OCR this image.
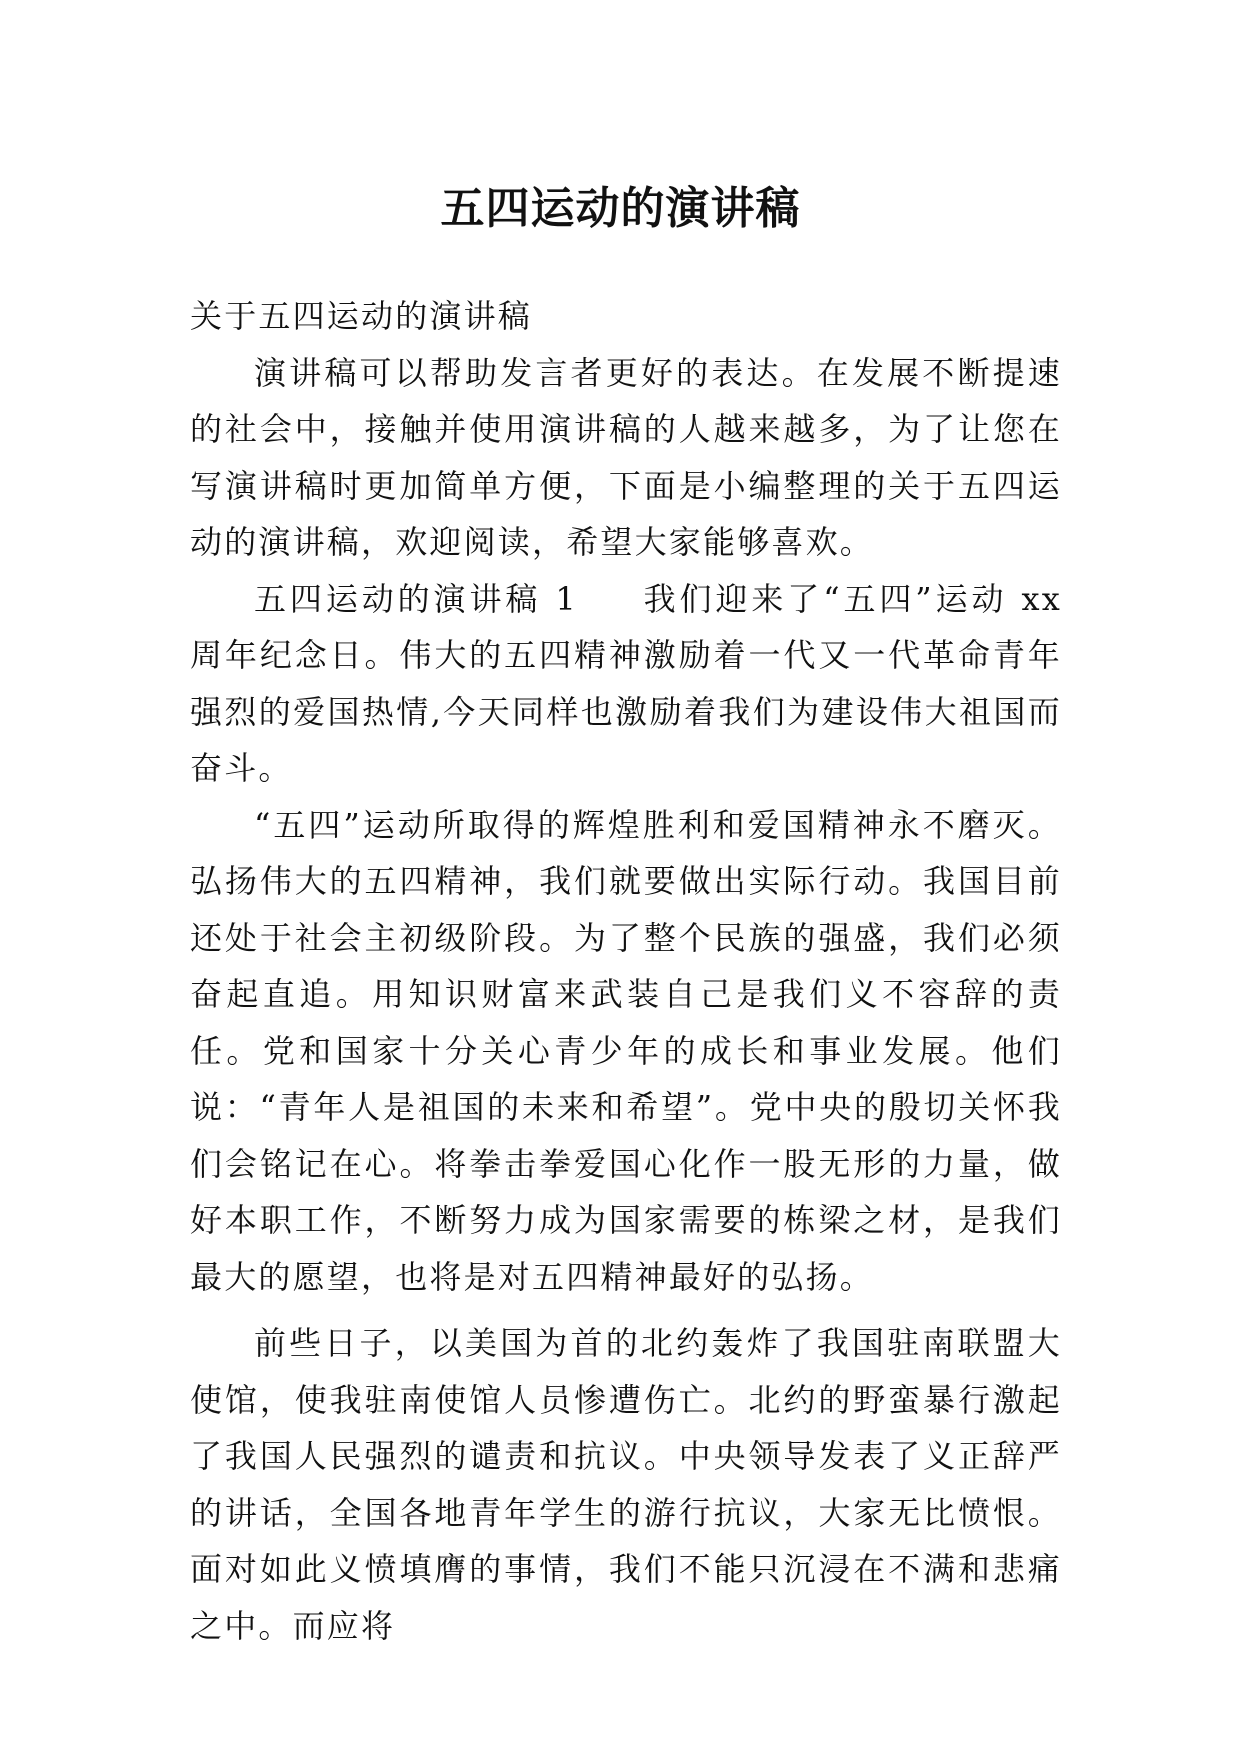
五四运动的演讲稿

关于五四运动的演讲稿

演讲稿可以帮助发言者更好的表达。在发展不断提速的社会中，接触并使用演讲稿的人越来越多，为了让您在写演讲稿时更加简单方便，下面是小编整理的关于五四运动的演讲稿，欢迎阅读，希望大家能够喜欢。

五四运动的演讲稿 1 我们迎来了“五四”运动 xx 周年纪念日。伟大的五四精神激励着一代又一代革命青年强烈的爱国热情,今天同样也激励着我们为建设伟大祖国而奋斗。

“五四”运动所取得的辉煌胜利和爱国精神永不磨灭。弘扬伟大的五四精神，我们就要做出实际行动。我国目前还处于社会主初级阶段。为了整个民族的强盛，我们必须奋起直追。用知识财富来武装自己是我们义不容辞的责任。党和国家十分关心青少年的成长和事业发展。他们说：“青年人是祖国的未来和希望”。党中央的殷切关怀我们会铭记在心。将拳击拳爱国心化作一股无形的力量，做好本职工作，不断努力成为国家需要的栋梁之材，是我们最大的愿望，也将是对五四精神最好的弘扬。

前些日子，以美国为首的北约轰炸了我国驻南联盟大使馆，使我驻南使馆人员惨遭伤亡。北约的野蛮暴行激起了我国人民强烈的谴责和抗议。中央领导发表了义正辞严的讲话，全国各地青年学生的游行抗议，大家无比愤恨。面对如此义愤填膺的事情，我们不能只沉浸在不满和悲痛之中。而应将
